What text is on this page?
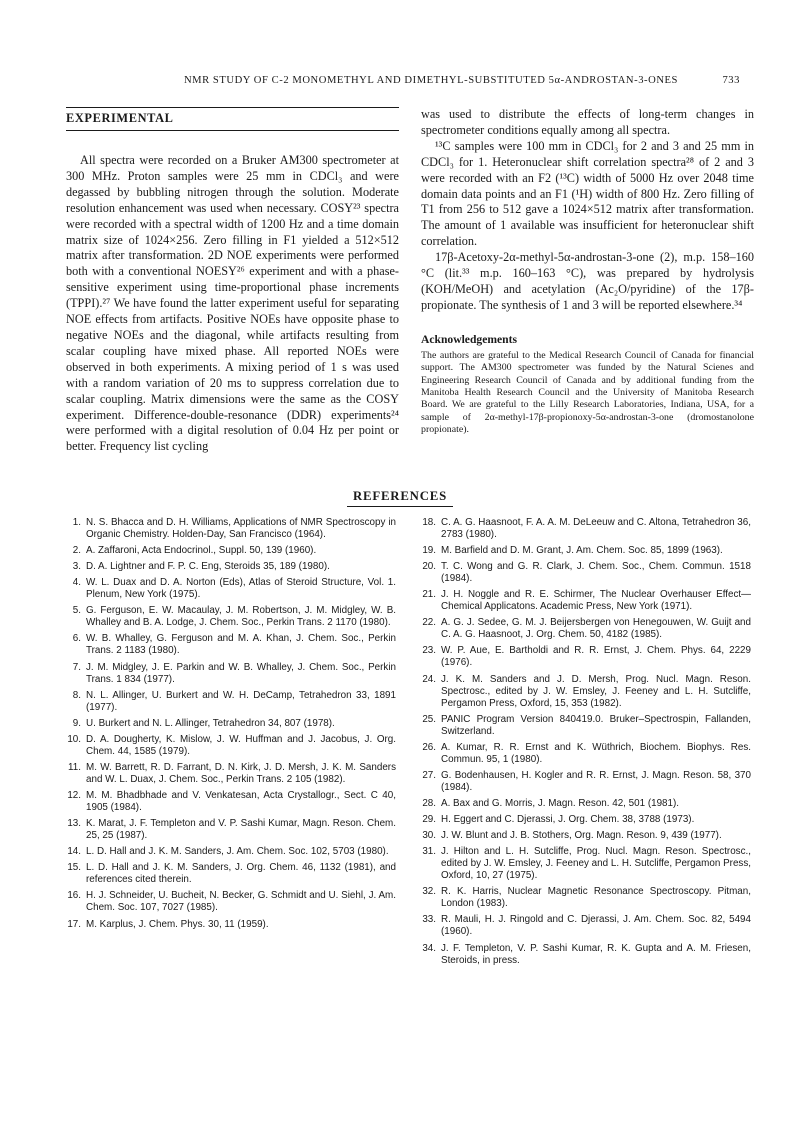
NMR STUDY OF C-2 MONOMETHYL AND DIMETHYL-SUBSTITUTED 5α-ANDROSTAN-3-ONES	733
EXPERIMENTAL

All spectra were recorded on a Bruker AM300 spectrometer at 300 MHz. Proton samples were 25 mm in CDCl₃ and were degassed by bubbling nitrogen through the solution. Moderate resolution enhancement was used when necessary. COSY²³ spectra were recorded with a spectral width of 1200 Hz and a time domain matrix size of 1024×256. Zero filling in F1 yielded a 512×512 matrix after transformation. 2D NOE experiments were performed both with a conventional NOESY²⁶ experiment and with a phase-sensitive experiment using time-proportional phase increments (TPPI).²⁷ We have found the latter experiment useful for separating NOE effects from artifacts. Positive NOEs have opposite phase to negative NOEs and the diagonal, while artifacts resulting from scalar coupling have mixed phase. All reported NOEs were observed in both experiments. A mixing period of 1 s was used with a random variation of 20 ms to suppress correlation due to scalar coupling. Matrix dimensions were the same as the COSY experiment. Difference-double-resonance (DDR) experiments²⁴ were performed with a digital resolution of 0.04 Hz per point or better. Frequency list cycling

was used to distribute the effects of long-term changes in spectrometer conditions equally among all spectra.

¹³C samples were 100 mm in CDCl₃ for 2 and 3 and 25 mm in CDCl₃ for 1. Heteronuclear shift correlation spectra²⁸ of 2 and 3 were recorded with an F2 (¹³C) width of 5000 Hz over 2048 time domain data points and an F1 (¹H) width of 800 Hz. Zero filling of T1 from 256 to 512 gave a 1024×512 matrix after transformation. The amount of 1 available was insufficient for heteronuclear shift correlation.

17β-Acetoxy-2α-methyl-5α-androstan-3-one (2), m.p. 158–160 °C (lit.³³ m.p. 160–163 °C), was prepared by hydrolysis (KOH/MeOH) and acetylation (Ac₂O/pyridine) of the 17β-propionate. The synthesis of 1 and 3 will be reported elsewhere.³⁴

Acknowledgements

The authors are grateful to the Medical Research Council of Canada for financial support. The AM300 spectrometer was funded by the Natural Scienes and Engineering Research Council of Canada and by additional funding from the Manitoba Health Research Council and the University of Manitoba Research Board. We are grateful to the Lilly Research Laboratories, Indiana, USA, for a sample of 2α-methyl-17β-propionoxy-5α-androstan-3-one (dromostanolone propionate).

REFERENCES
1. N. S. Bhacca and D. H. Williams, Applications of NMR Spectroscopy in Organic Chemistry. Holden-Day, San Francisco (1964).
2. A. Zaffaroni, Acta Endocrinol., Suppl. 50, 139 (1960).
3. D. A. Lightner and F. P. C. Eng, Steroids 35, 189 (1980).
4. W. L. Duax and D. A. Norton (Eds), Atlas of Steroid Structure, Vol. 1. Plenum, New York (1975).
5. G. Ferguson, E. W. Macaulay, J. M. Robertson, J. M. Midgley, W. B. Whalley and B. A. Lodge, J. Chem. Soc., Perkin Trans. 2 1170 (1980).
6. W. B. Whalley, G. Ferguson and M. A. Khan, J. Chem. Soc., Perkin Trans. 2 1183 (1980).
7. J. M. Midgley, J. E. Parkin and W. B. Whalley, J. Chem. Soc., Perkin Trans. 1 834 (1977).
8. N. L. Allinger, U. Burkert and W. H. DeCamp, Tetrahedron 33, 1891 (1977).
9. U. Burkert and N. L. Allinger, Tetrahedron 34, 807 (1978).
10. D. A. Dougherty, K. Mislow, J. W. Huffman and J. Jacobus, J. Org. Chem. 44, 1585 (1979).
11. M. W. Barrett, R. D. Farrant, D. N. Kirk, J. D. Mersh, J. K. M. Sanders and W. L. Duax, J. Chem. Soc., Perkin Trans. 2 105 (1982).
12. M. M. Bhadbhade and V. Venkatesan, Acta Crystallogr., Sect. C 40, 1905 (1984).
13. K. Marat, J. F. Templeton and V. P. Sashi Kumar, Magn. Reson. Chem. 25, 25 (1987).
14. L. D. Hall and J. K. M. Sanders, J. Am. Chem. Soc. 102, 5703 (1980).
15. L. D. Hall and J. K. M. Sanders, J. Org. Chem. 46, 1132 (1981), and references cited therein.
16. H. J. Schneider, U. Bucheit, N. Becker, G. Schmidt and U. Siehl, J. Am. Chem. Soc. 107, 7027 (1985).
17. M. Karplus, J. Chem. Phys. 30, 11 (1959).
18. C. A. G. Haasnoot, F. A. A. M. DeLeeuw and C. Altona, Tetrahedron 36, 2783 (1980).
19. M. Barfield and D. M. Grant, J. Am. Chem. Soc. 85, 1899 (1963).
20. T. C. Wong and G. R. Clark, J. Chem. Soc., Chem. Commun. 1518 (1984).
21. J. H. Noggle and R. E. Schirmer, The Nuclear Overhauser Effect—Chemical Applicatons. Academic Press, New York (1971).
22. A. G. J. Sedee, G. M. J. Beijersbergen von Henegouwen, W. Guijt and C. A. G. Haasnoot, J. Org. Chem. 50, 4182 (1985).
23. W. P. Aue, E. Bartholdi and R. R. Ernst, J. Chem. Phys. 64, 2229 (1976).
24. J. K. M. Sanders and J. D. Mersh, Prog. Nucl. Magn. Reson. Spectrosc., edited by J. W. Emsley, J. Feeney and L. H. Sutcliffe, Pergamon Press, Oxford, 15, 353 (1982).
25. PANIC Program Version 840419.0. Bruker–Spectrospin, Fallanden, Switzerland.
26. A. Kumar, R. R. Ernst and K. Wüthrich, Biochem. Biophys. Res. Commun. 95, 1 (1980).
27. G. Bodenhausen, H. Kogler and R. R. Ernst, J. Magn. Reson. 58, 370 (1984).
28. A. Bax and G. Morris, J. Magn. Reson. 42, 501 (1981).
29. H. Eggert and C. Djerassi, J. Org. Chem. 38, 3788 (1973).
30. J. W. Blunt and J. B. Stothers, Org. Magn. Reson. 9, 439 (1977).
31. J. Hilton and L. H. Sutcliffe, Prog. Nucl. Magn. Reson. Spectrosc., edited by J. W. Emsley, J. Feeney and L. H. Sutcliffe, Pergamon Press, Oxford, 10, 27 (1975).
32. R. K. Harris, Nuclear Magnetic Resonance Spectroscopy. Pitman, London (1983).
33. R. Mauli, H. J. Ringold and C. Djerassi, J. Am. Chem. Soc. 82, 5494 (1960).
34. J. F. Templeton, V. P. Sashi Kumar, R. K. Gupta and A. M. Friesen, Steroids, in press.
